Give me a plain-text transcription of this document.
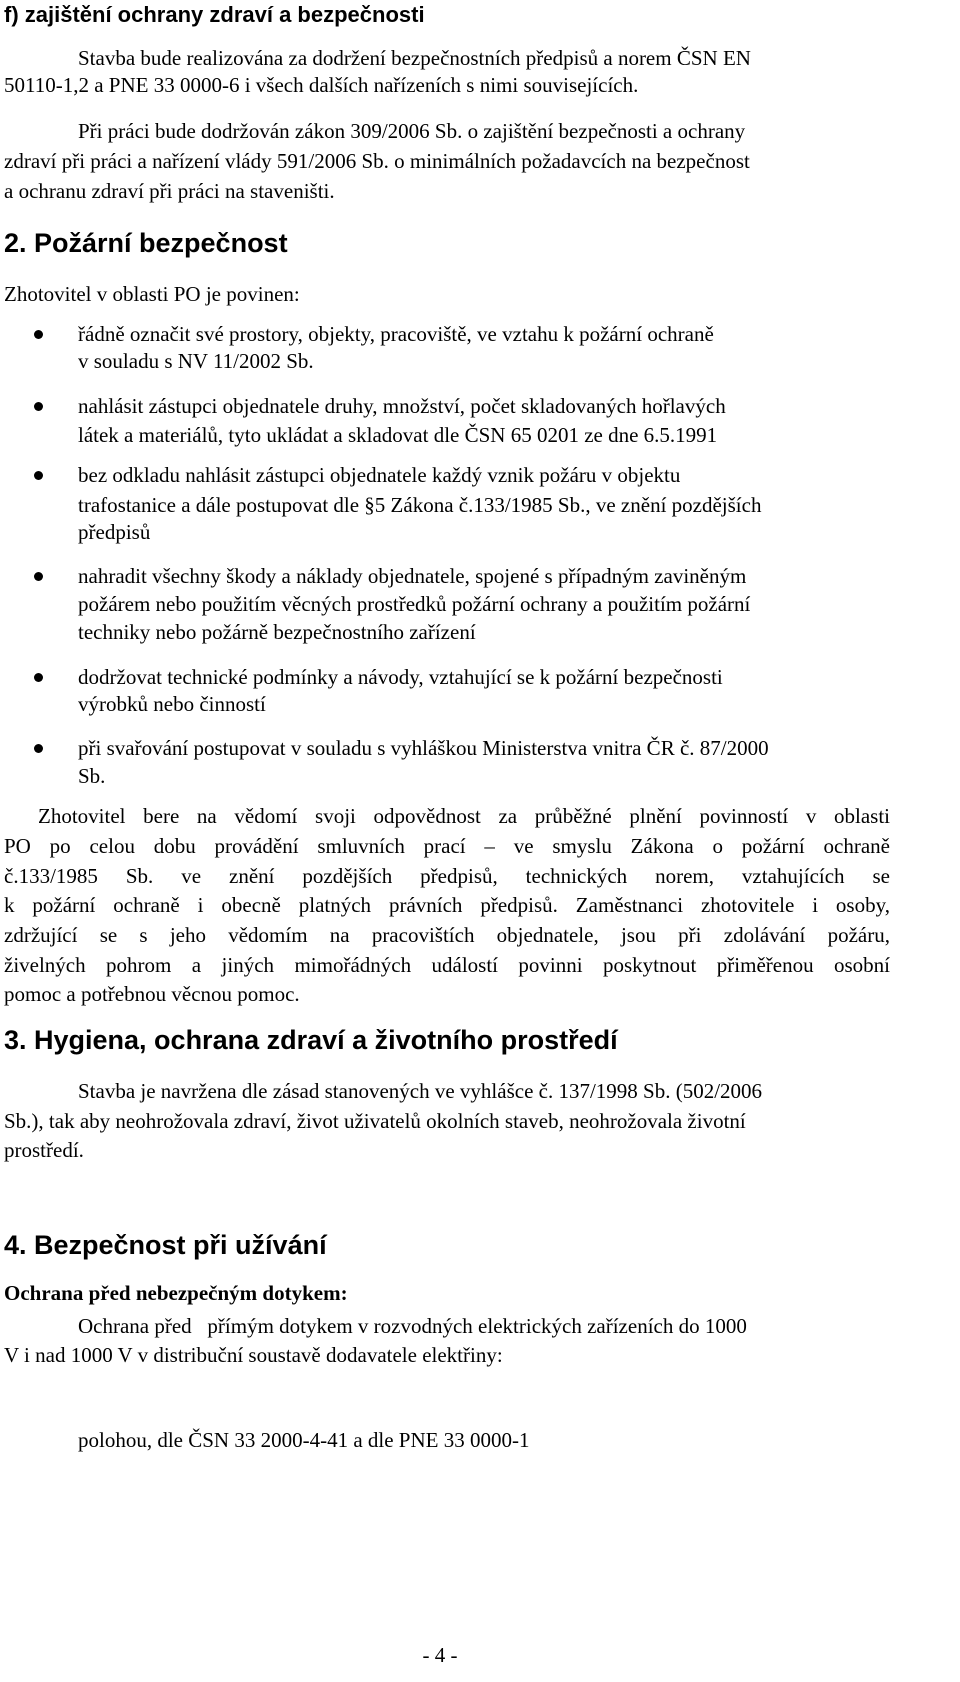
f) zajištění ochrany zdraví a bezpečnosti
Stavba bude realizována za dodržení bezpečnostních předpisů a norem ČSN EN
50110-1,2 a PNE 33 0000-6 i všech dalších nařízeních s nimi souvisejících.
Při práci bude dodržován zákon 309/2006 Sb. o zajištění bezpečnosti a ochrany
zdraví při práci a nařízení vlády 591/2006 Sb. o minimálních požadavcích na bezpečnost
a ochranu zdraví při práci na staveništi.
2. Požární bezpečnost
Zhotovitel v oblasti PO je povinen:
řádně označit své prostory, objekty, pracoviště, ve vztahu k požární ochraně
v souladu s NV 11/2002 Sb.
nahlásit zástupci objednatele druhy, množství, počet skladovaných hořlavých
látek a materiálů, tyto ukládat a skladovat dle ČSN 65 0201 ze dne 6.5.1991
bez odkladu nahlásit zástupci objednatele každý vznik požáru v objektu
trafostanice a dále postupovat dle §5 Zákona č.133/1985 Sb., ve znění pozdějších
předpisů
nahradit všechny škody a náklady objednatele, spojené s případným zaviněným
požárem nebo použitím věcných prostředků požární ochrany a použitím požární
techniky nebo požárně bezpečnostního zařízení
dodržovat technické podmínky a návody, vztahující se k požární bezpečnosti
výrobků nebo činností
při svařování postupovat v souladu s vyhláškou Ministerstva vnitra ČR č. 87/2000
Sb.
Zhotovitel bere na vědomí svoji odpovědnost za průběžné plnění povinností v oblasti
PO po celou dobu provádění smluvních prací – ve smyslu Zákona o požární ochraně
č.133/1985 Sb. ve znění pozdějších předpisů, technických norem, vztahujících se
k požární ochraně i obecně platných právních předpisů. Zaměstnanci zhotovitele i osoby,
zdržující se s jeho vědomím na pracovištích objednatele, jsou při zdolávání požáru,
živelných pohrom a jiných mimořádných událostí povinni poskytnout přiměřenou osobní
pomoc a potřebnou věcnou pomoc.
3. Hygiena, ochrana zdraví a životního prostředí
Stavba je navržena dle zásad stanovených ve vyhlášce č. 137/1998 Sb. (502/2006
Sb.), tak aby neohrožovala zdraví, život uživatelů okolních staveb, neohrožovala životní
prostředí.
4. Bezpečnost při užívání
Ochrana před nebezpečným dotykem:
Ochrana před   přímým dotykem v rozvodných elektrických zařízeních do 1000
V i nad 1000 V v distribuční soustavě dodavatele elektřiny:
polohou, dle ČSN 33 2000-4-41 a dle PNE 33 0000-1
- 4 -
